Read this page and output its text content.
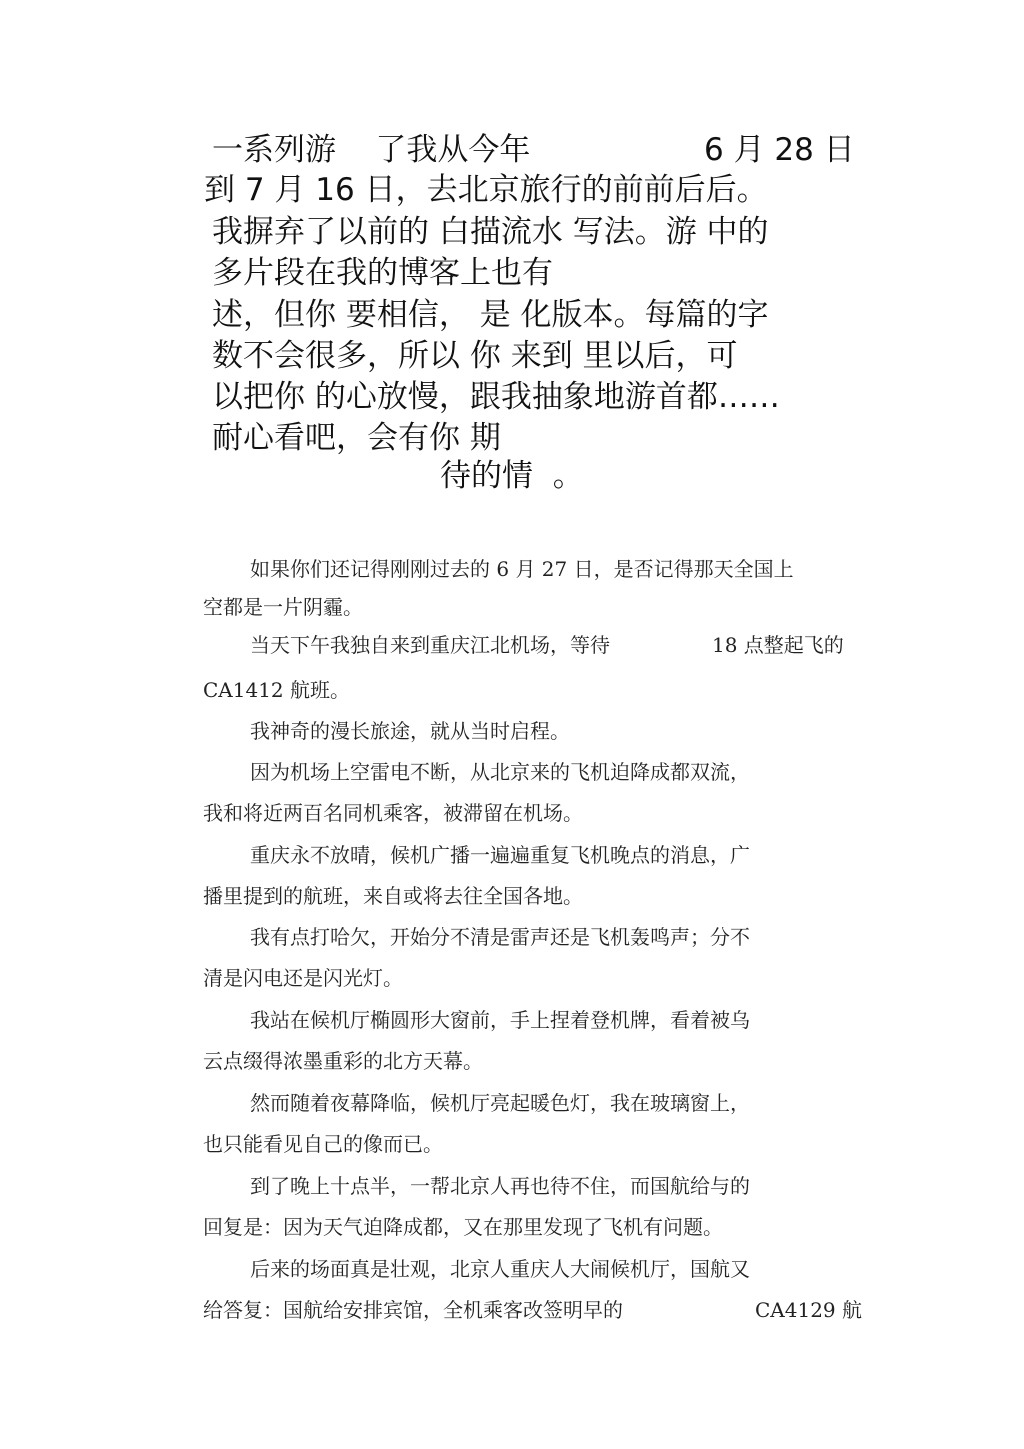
一系列游    了我从今年	6 月 28 日
到 7 月 16 日，去北京旅行的前前后后。
我摒弃了以前的 白描流水 写法。游 中的
多片段在我的博客上也有
述，但你 要相信， 是 化版本。每篇的字
数不会很多，所以 你 来到 里以后，可
以把你 的心放慢，跟我抽象地游首都……
耐心看吧，会有你 期
待的情  。
如果你们还记得刚刚过去的 6 月 27 日，是否记得那天全国上
空都是一片阴霾。
当天下午我独自来到重庆江北机场，等待	18 点整起飞的
CA1412 航班。
我神奇的漫长旅途，就从当时启程。
因为机场上空雷电不断，从北京来的飞机迫降成都双流，
我和将近两百名同机乘客，被滞留在机场。
重庆永不放晴，候机广播一遍遍重复飞机晚点的消息，广
播里提到的航班，来自或将去往全国各地。
我有点打哈欠，开始分不清是雷声还是飞机轰鸣声；分不
清是闪电还是闪光灯。
我站在候机厅椭圆形大窗前，手上捏着登机牌，看着被乌
云点缀得浓墨重彩的北方天幕。
然而随着夜幕降临，候机厅亮起暖色灯，我在玻璃窗上，
也只能看见自己的像而已。
到了晚上十点半，一帮北京人再也待不住，而国航给与的
回复是：因为天气迫降成都，又在那里发现了飞机有问题。
后来的场面真是壮观，北京人重庆人大闹候机厅，国航又
给答复：国航给安排宾馆，全机乘客改签明早的	CA4129 航
